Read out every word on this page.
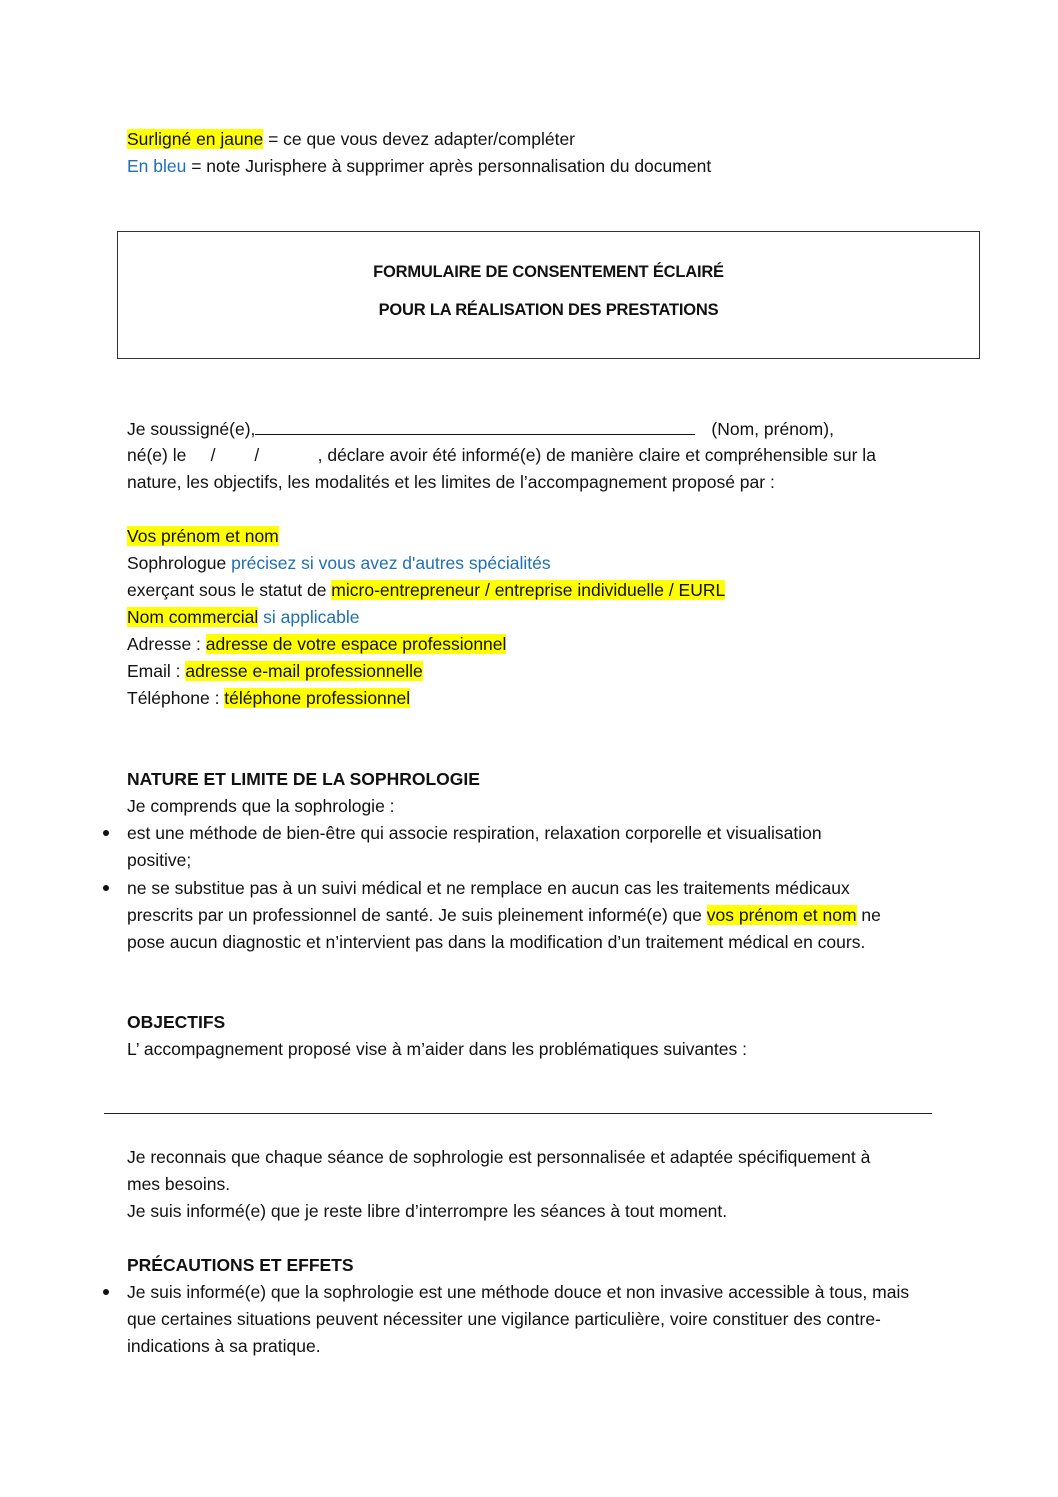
Surligné en jaune = ce que vous devez adapter/compléter
En bleu = note Jurisphere à supprimer après personnalisation du document
FORMULAIRE DE CONSENTEMENT ÉCLAIRÉ
POUR LA RÉALISATION DES PRESTATIONS
Je soussigné(e),	(Nom, prénom),
né(e) le     /        /            , déclare avoir été informé(e) de manière claire et compréhensible sur la
nature, les objectifs, les modalités et les limites de l’accompagnement proposé par :
Vos prénom et nom
Sophrologue précisez si vous avez d'autres spécialités
exerçant sous le statut de micro-entrepreneur / entreprise individuelle / EURL
Nom commercial si applicable
Adresse : adresse de votre espace professionnel
Email : adresse e-mail professionnelle
Téléphone : téléphone professionnel
NATURE ET LIMITE DE LA SOPHROLOGIE
Je comprends que la sophrologie :
est une méthode de bien-être qui associe respiration, relaxation corporelle et visualisation
positive;
ne se substitue pas à un suivi médical et ne remplace en aucun cas les traitements médicaux
prescrits par un professionnel de santé. Je suis pleinement informé(e) que vos prénom et nom ne
pose aucun diagnostic et n’intervient pas dans la modification d’un traitement médical en cours.
OBJECTIFS
L’ accompagnement proposé vise à m’aider dans les problématiques suivantes :
Je reconnais que chaque séance de sophrologie est personnalisée et adaptée spécifiquement à
mes besoins.
Je suis informé(e) que je reste libre d’interrompre les séances à tout moment.
PRÉCAUTIONS ET EFFETS
Je suis informé(e) que la sophrologie est une méthode douce et non invasive accessible à tous, mais
que certaines situations peuvent nécessiter une vigilance particulière, voire constituer des contre-
indications à sa pratique.
